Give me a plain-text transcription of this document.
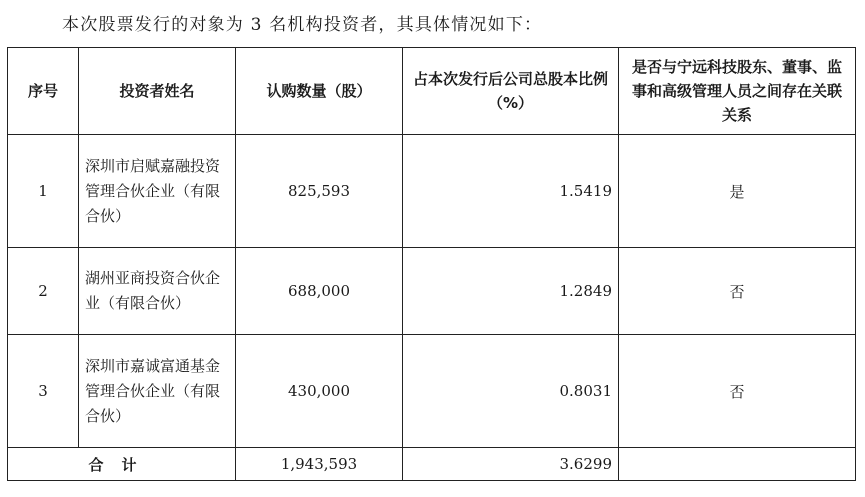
本次股票发行的对象为 3 名机构投资者，其具体情况如下：
序号	投资者姓名	认购数量（股）	占本次发行后公司总股本比例（%）	是否与宁远科技股东、董事、监事和高级管理人员之间存在关联关系
1	深圳市启赋嘉融投资管理合伙企业（有限合伙）	825,593	1.5419	是
2	湖州亚商投资合伙企业（有限合伙）	688,000	1.2849	否
3	深圳市嘉诚富通基金管理合伙企业（有限合伙）	430,000	0.8031	否
合计		1,943,593	3.6299	
